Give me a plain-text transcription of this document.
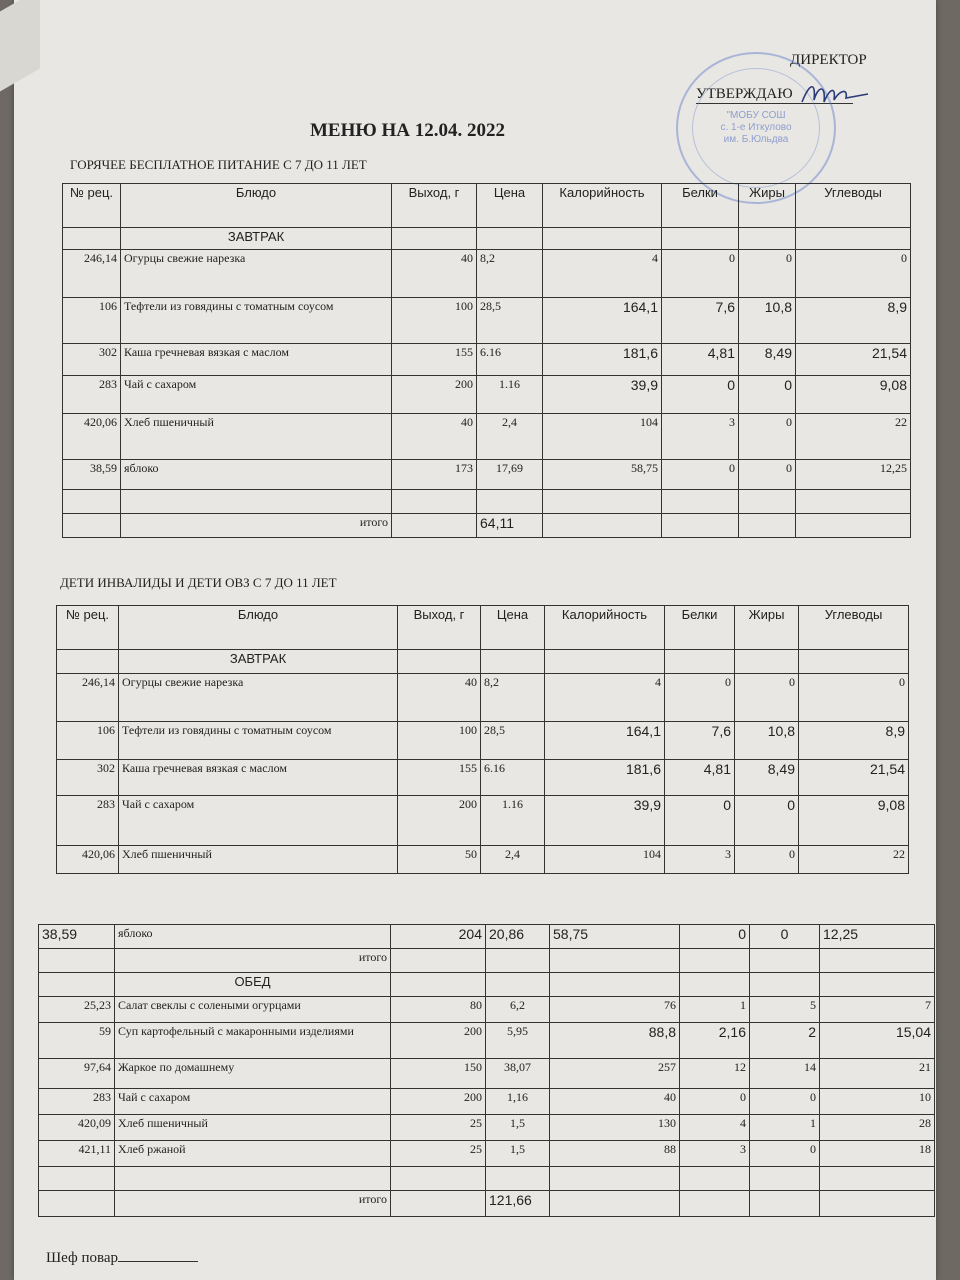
ДИРЕКТОР
УТВЕРЖДАЮ
"МОБУ СОШ
с. 1-е Иткулово
им. Б.Юльдва
МЕНЮ НА 12.04. 2022
ГОРЯЧЕЕ БЕСПЛАТНОЕ ПИТАНИЕ С 7 ДО 11 ЛЕТ
№ рец.	Блюдо	Выход, г	Цена	Калорийность	Белки	Жиры	Углеводы
	ЗАВТРАК						
246,14	Огурцы свежие нарезка	40	8,2	4	0	0	0
106	Тефтели из говядины с томатным соусом	100	28,5	164,1	7,6	10,8	8,9
302	Каша гречневая вязкая с маслом	155	6.16	181,6	4,81	8,49	21,54
283	Чай с сахаром	200	1.16	39,9	0	0	9,08
420,06	Хлеб пшеничный	40	2,4	104	3	0	22
38,59	яблоко	173	17,69	58,75	0	0	12,25

	итого		64,11				
ДЕТИ ИНВАЛИДЫ И ДЕТИ ОВЗ С 7 ДО 11 ЛЕТ
№ рец.	Блюдо	Выход, г	Цена	Калорийность	Белки	Жиры	Углеводы
	ЗАВТРАК						
246,14	Огурцы свежие нарезка	40	8,2	4	0	0	0
106	Тефтели из говядины с томатным соусом	100	28,5	164,1	7,6	10,8	8,9
302	Каша гречневая вязкая с маслом	155	6.16	181,6	4,81	8,49	21,54
283	Чай с сахаром	200	1.16	39,9	0	0	9,08
420,06	Хлеб пшеничный	50	2,4	104	3	0	22
38,59	яблоко	204	20,86	58,75	0	0	12,25
	итого						
	ОБЕД						
25,23	Салат свеклы с солеными огурцами	80	6,2	76	1	5	7
59	Суп картофельный с макаронными изделиями	200	5,95	88,8	2,16	2	15,04
97,64	Жаркое по домашнему	150	38,07	257	12	14	21
283	Чай с сахаром	200	1,16	40	0	0	10
420,09	Хлеб пшеничный	25	1,5	130	4	1	28
421,11	Хлеб ржаной	25	1,5	88	3	0	18

	итого		121,66				
Шеф повар
